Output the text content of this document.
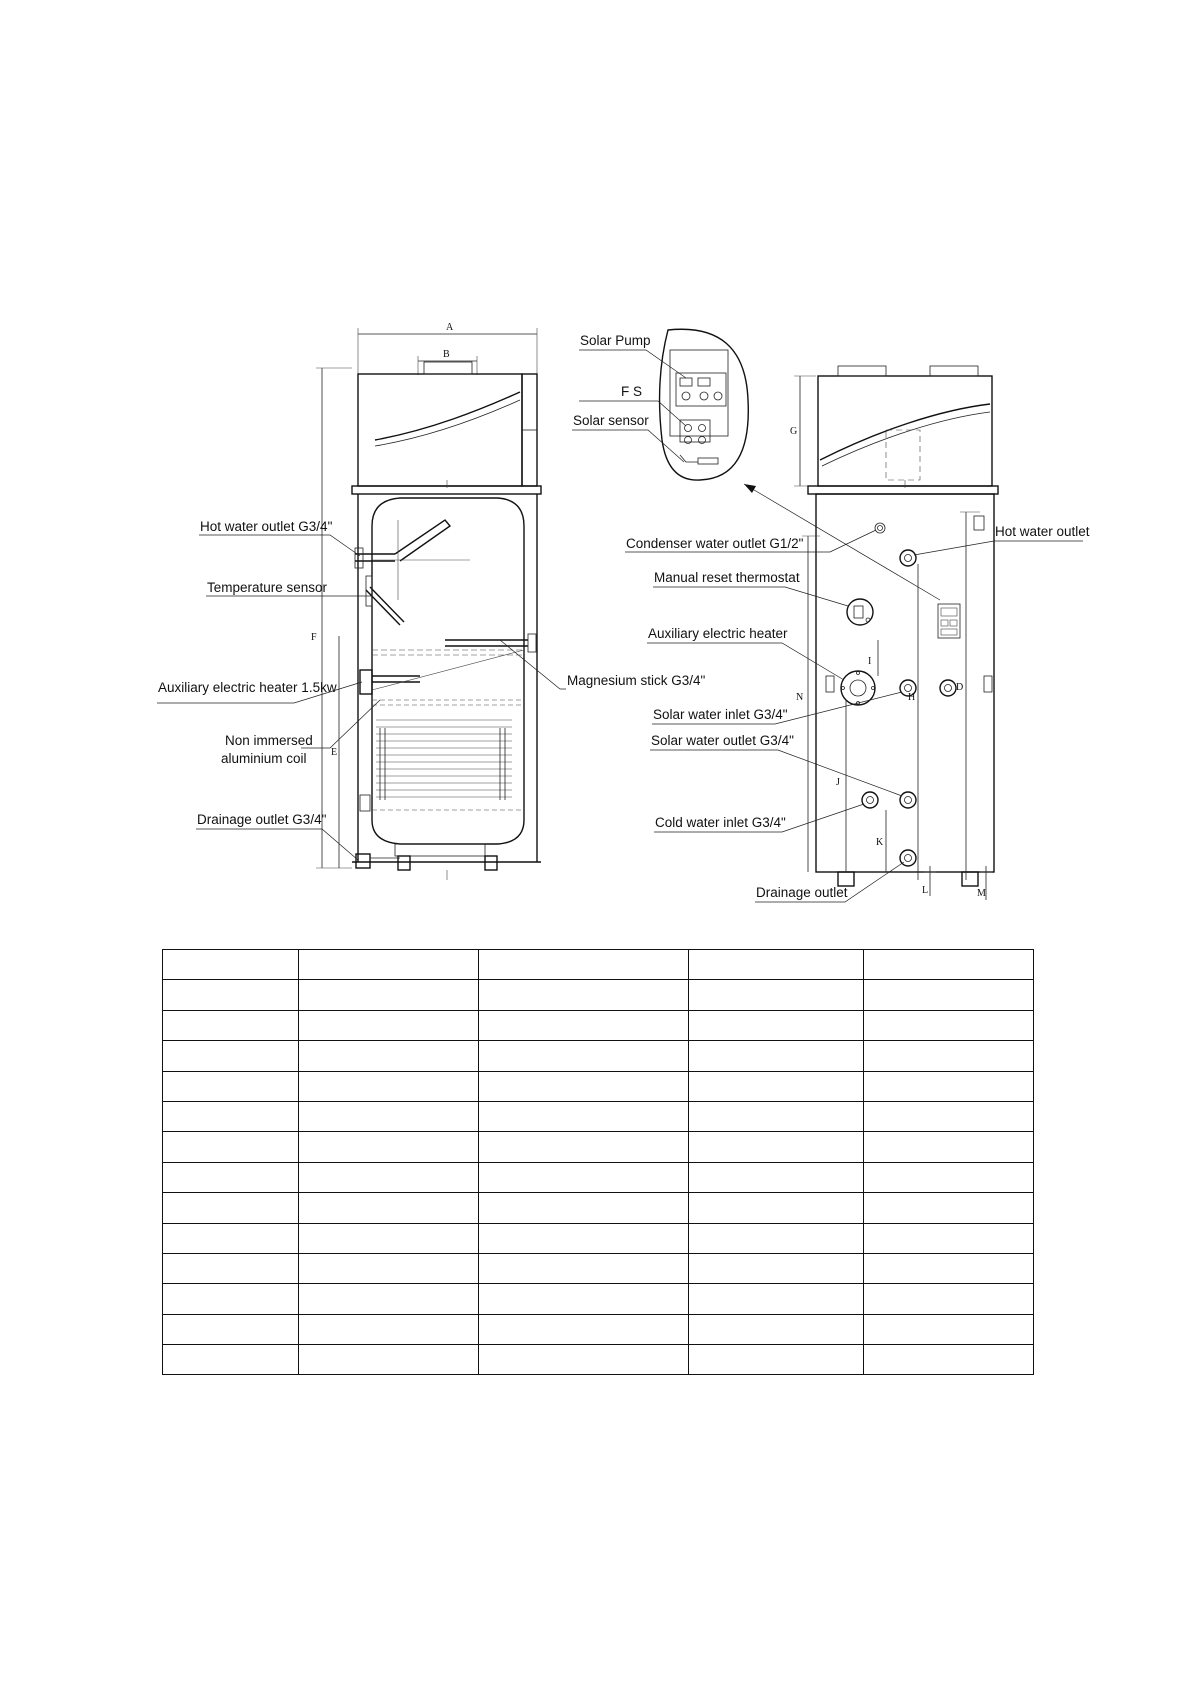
A
B
F
E
Hot water outlet G3/4"
Temperature sensor
Auxiliary electric heater 1.5kw
Non immersed
aluminium coil
Drainage outlet G3/4"
Magnesium stick G3/4"
Solar Pump
F S
Solar sensor
G
N	H
D
J
K
I
L	M
Condenser water outlet G1/2"
Hot water outlet
Manual reset thermostat
Auxiliary electric heater
Solar water inlet G3/4"
Solar water outlet G3/4"
Cold water inlet G3/4"
Drainage outlet
